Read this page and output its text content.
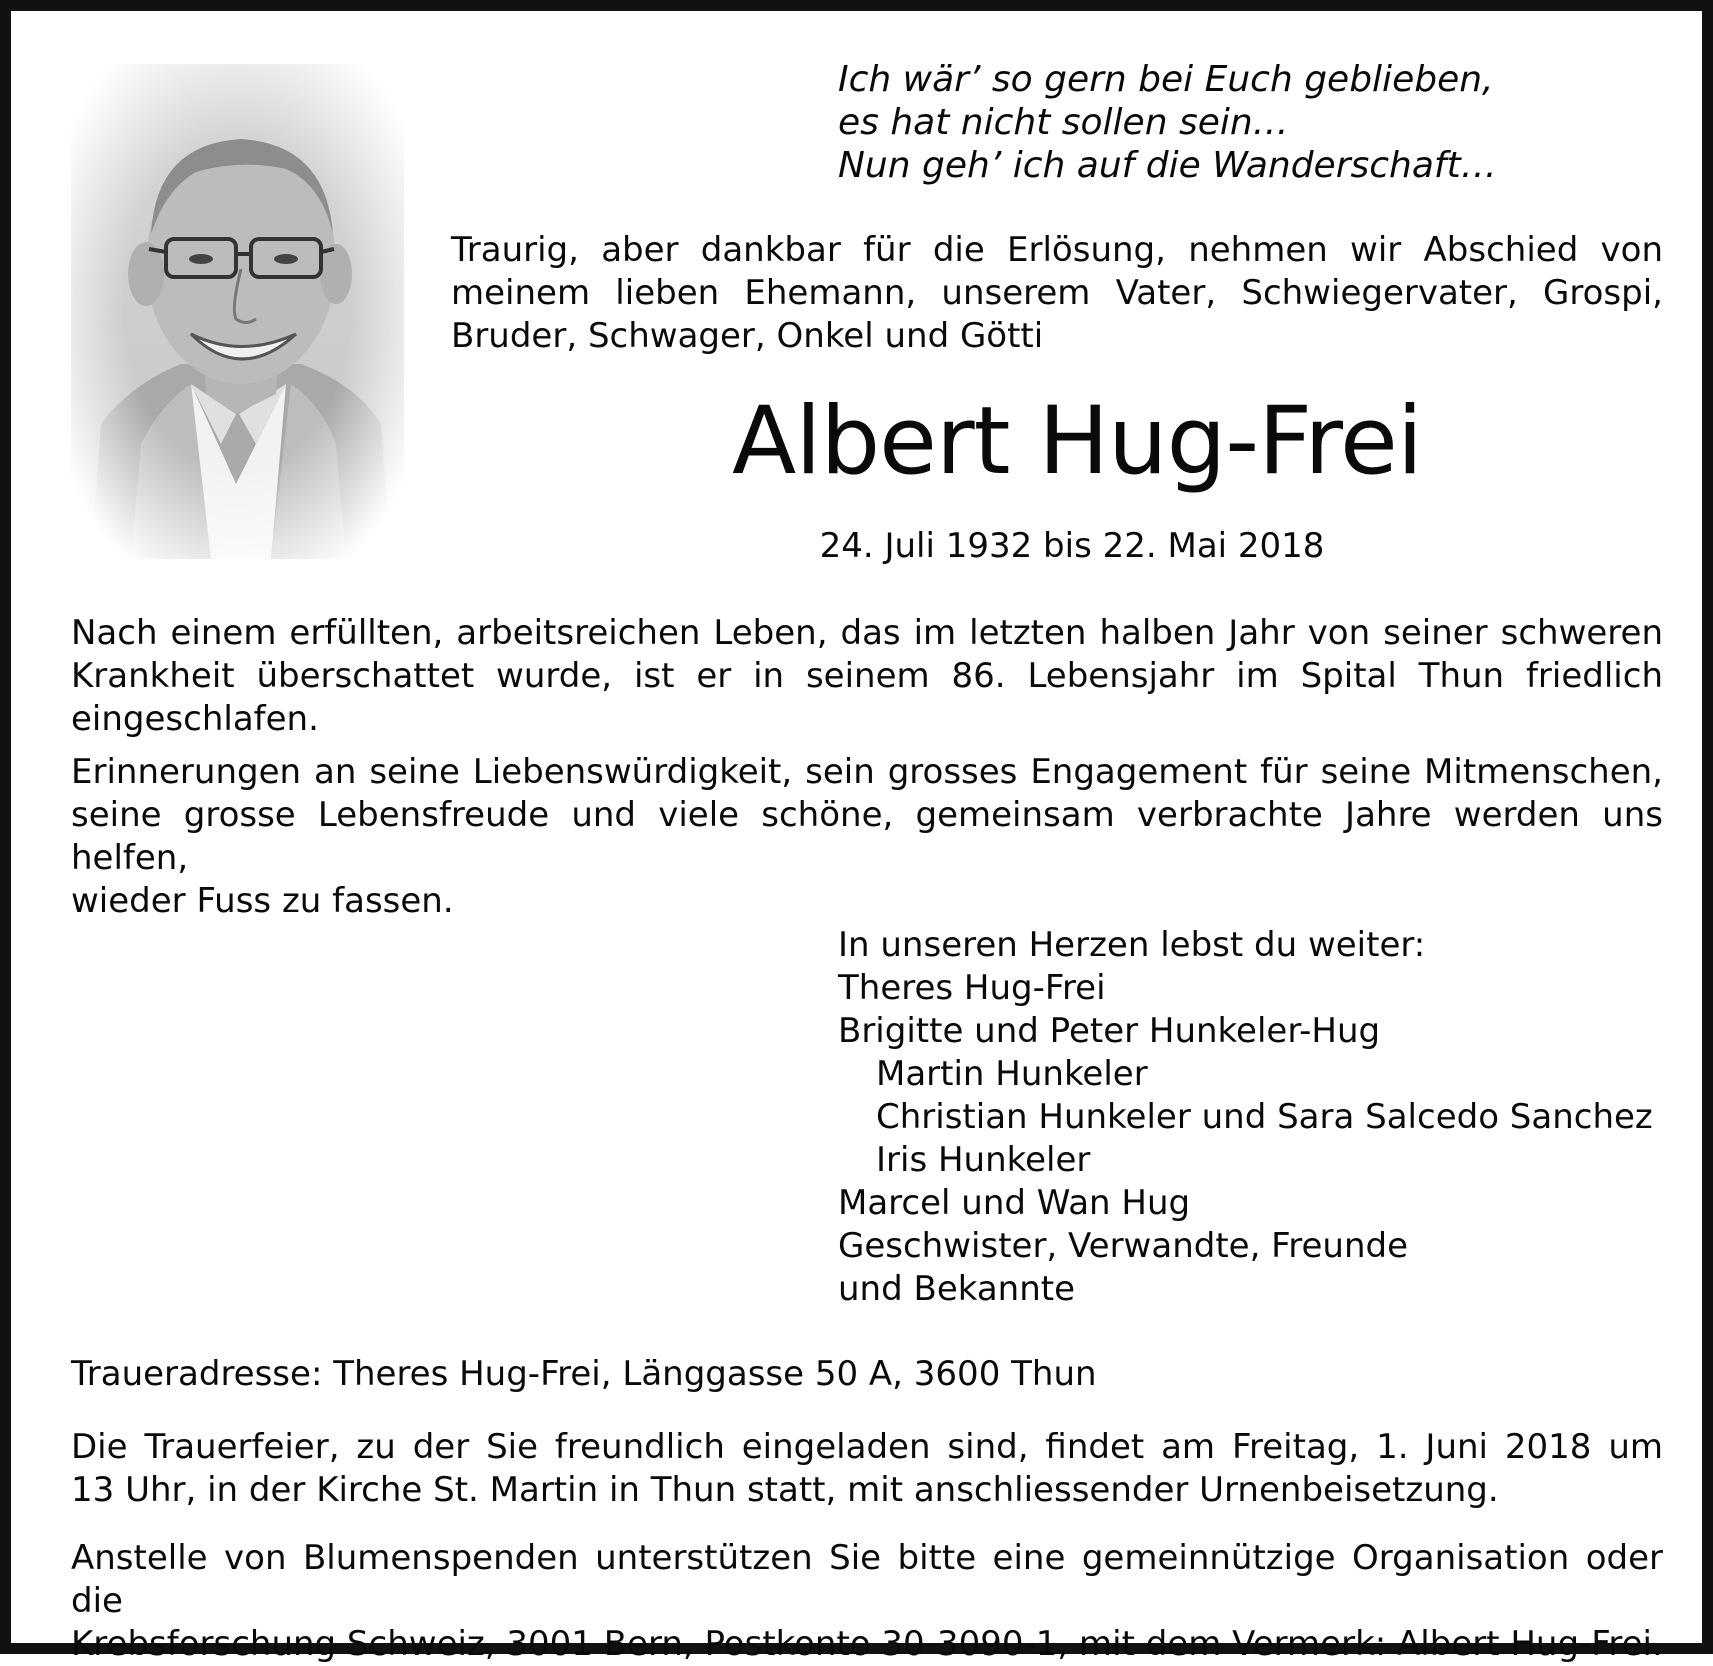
Ich wär’ so gern bei Euch geblieben,
es hat nicht sollen sein…
Nun geh’ ich auf die Wanderschaft…
Traurig, aber dankbar für die Erlösung, nehmen wir Abschied von
meinem lieben Ehemann, unserem Vater, Schwiegervater, Grospi,
Bruder, Schwager, Onkel und Götti
Albert Hug-Frei
24. Juli 1932 bis 22. Mai 2018
Nach einem erfüllten, arbeitsreichen Leben, das im letzten halben Jahr von seiner schweren
Krankheit überschattet wurde, ist er in seinem 86. Lebensjahr im Spital Thun friedlich
eingeschlafen.
Erinnerungen an seine Liebenswürdigkeit, sein grosses Engagement für seine Mitmenschen,
seine grosse Lebensfreude und viele schöne, gemeinsam verbrachte Jahre werden uns helfen,
wieder Fuss zu fassen.
In unseren Herzen lebst du weiter:
Theres Hug-Frei
Brigitte und Peter Hunkeler-Hug
Martin Hunkeler
Christian Hunkeler und Sara Salcedo Sanchez
Iris Hunkeler
Marcel und Wan Hug
Geschwister, Verwandte, Freunde
und Bekannte
Traueradresse: Theres Hug-Frei, Länggasse 50 A, 3600 Thun
Die Trauerfeier, zu der Sie freundlich eingeladen sind, findet am Freitag, 1. Juni 2018 um
13 Uhr, in der Kirche St. Martin in Thun statt, mit anschliessender Urnenbeisetzung.
Anstelle von Blumenspenden unterstützen Sie bitte eine gemeinnützige Organisation oder die
Krebsforschung Schweiz, 3001 Bern, Postkonto 30-3090-1, mit dem Vermerk: Albert Hug-Frei.
